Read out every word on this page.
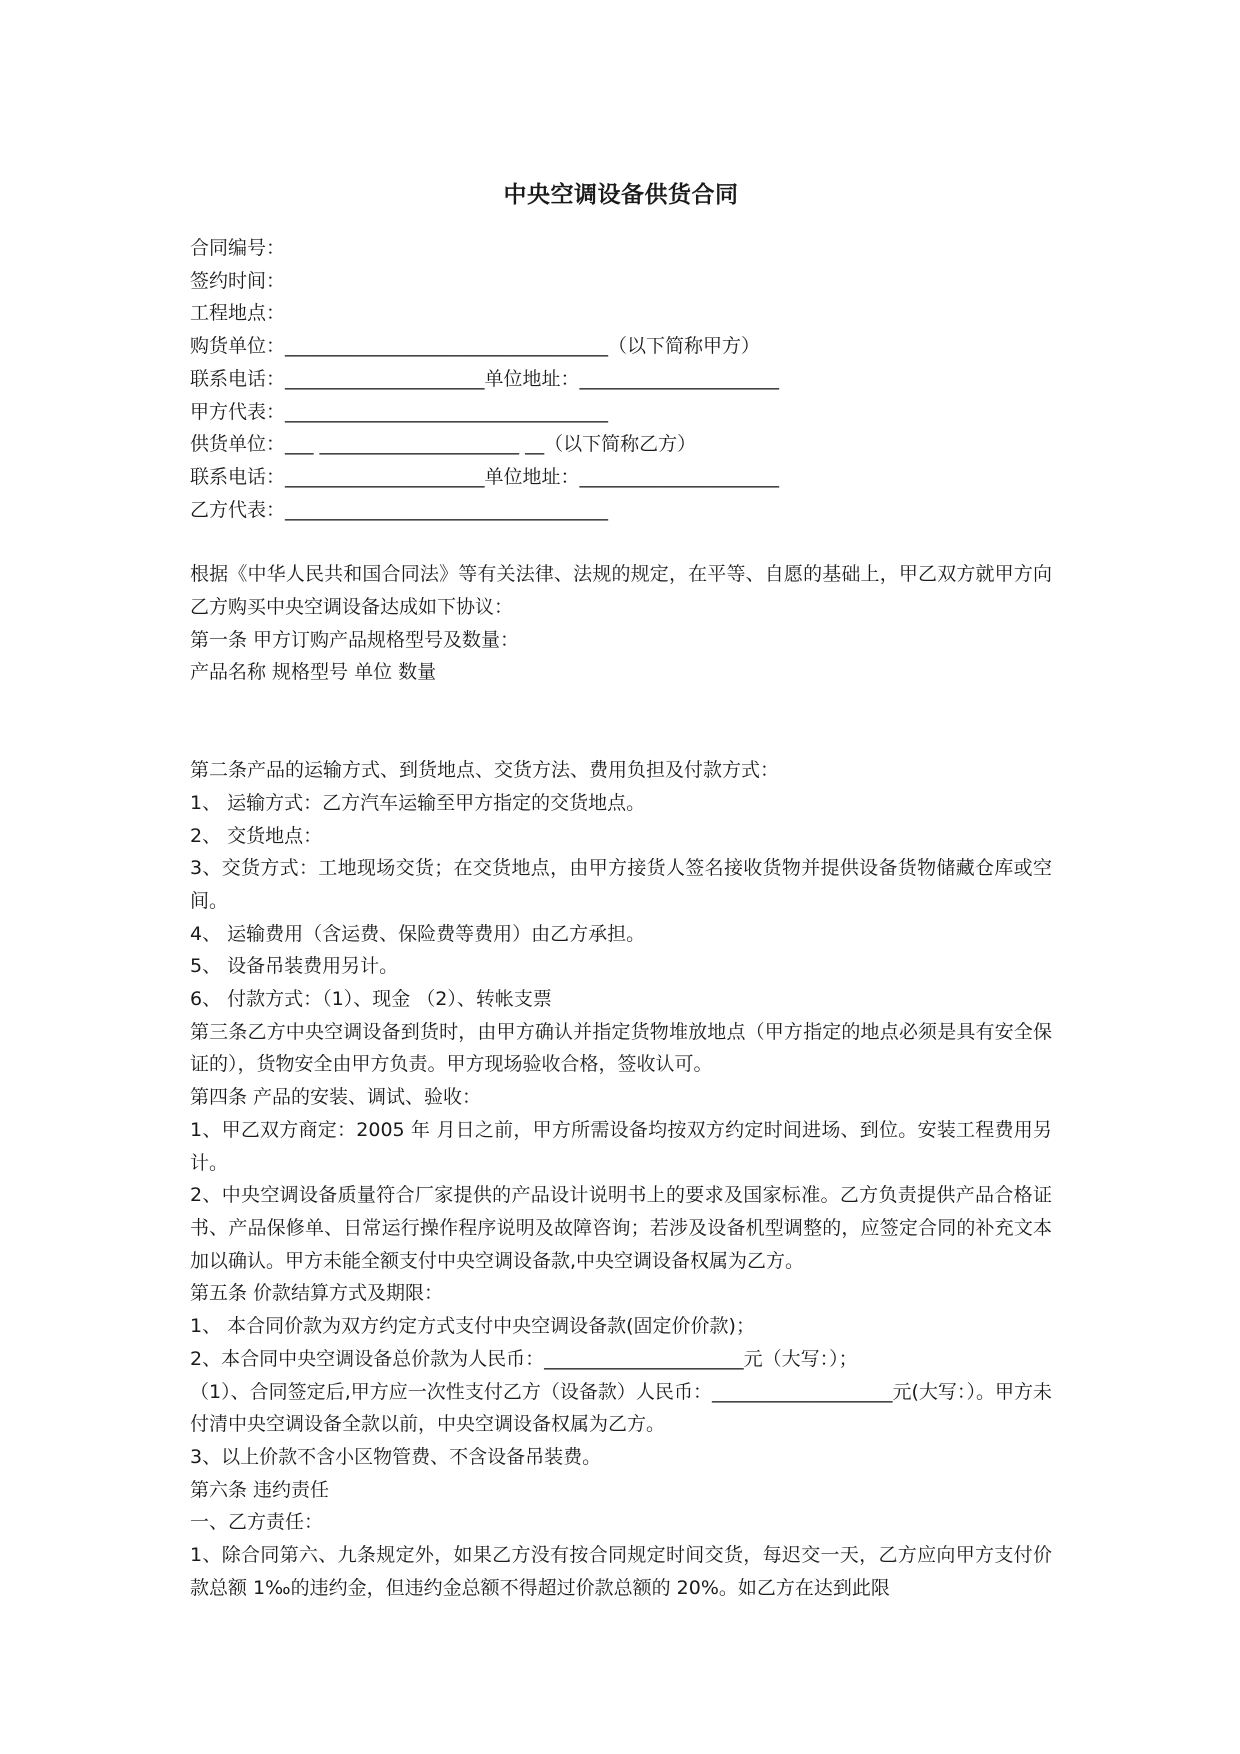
中央空调设备供货合同
合同编号：
签约时间：
工程地点：
购货单位：__________________________________（以下简称甲方）
联系电话：_____________________单位地址：_____________________
甲方代表：__________________________________
供货单位：___ _____________________ __（以下简称乙方）
联系电话：_____________________单位地址：_____________________
乙方代表：__________________________________
根据《中华人民共和国合同法》等有关法律、法规的规定，在平等、自愿的基础上，甲乙双方就甲方向乙方购买中央空调设备达成如下协议：
第一条 甲方订购产品规格型号及数量：
产品名称 规格型号 单位 数量
第二条产品的运输方式、到货地点、交货方法、费用负担及付款方式：
1、 运输方式：乙方汽车运输至甲方指定的交货地点。
2、 交货地点：
3、交货方式：工地现场交货；在交货地点，由甲方接货人签名接收货物并提供设备货物储藏仓库或空间。
4、 运输费用（含运费、保险费等费用）由乙方承担。
5、 设备吊装费用另计。
6、 付款方式：（1）、现金 （2）、转帐支票
第三条乙方中央空调设备到货时，由甲方确认并指定货物堆放地点（甲方指定的地点必须是具有安全保证的），货物安全由甲方负责。甲方现场验收合格，签收认可。
第四条 产品的安装、调试、验收：
1、甲乙双方商定：2005 年 月日之前，甲方所需设备均按双方约定时间进场、到位。安装工程费用另计。
2、中央空调设备质量符合厂家提供的产品设计说明书上的要求及国家标准。乙方负责提供产品合格证书、产品保修单、日常运行操作程序说明及故障咨询；若涉及设备机型调整的，应签定合同的补充文本加以确认。甲方未能全额支付中央空调设备款,中央空调设备权属为乙方。
第五条 价款结算方式及期限：
1、 本合同价款为双方约定方式支付中央空调设备款(固定价价款)；
2、本合同中央空调设备总价款为人民币：_____________________元（大写：）；
（1）、合同签定后,甲方应一次性支付乙方（设备款）人民币：___________________元(大写：）。甲方未付清中央空调设备全款以前，中央空调设备权属为乙方。
3、以上价款不含小区物管费、不含设备吊装费。
第六条 违约责任
一、乙方责任：
1、除合同第六、九条规定外，如果乙方没有按合同规定时间交货，每迟交一天，乙方应向甲方支付价款总额 1‰的违约金，但违约金总额不得超过价款总额的 20%。如乙方在达到此限
